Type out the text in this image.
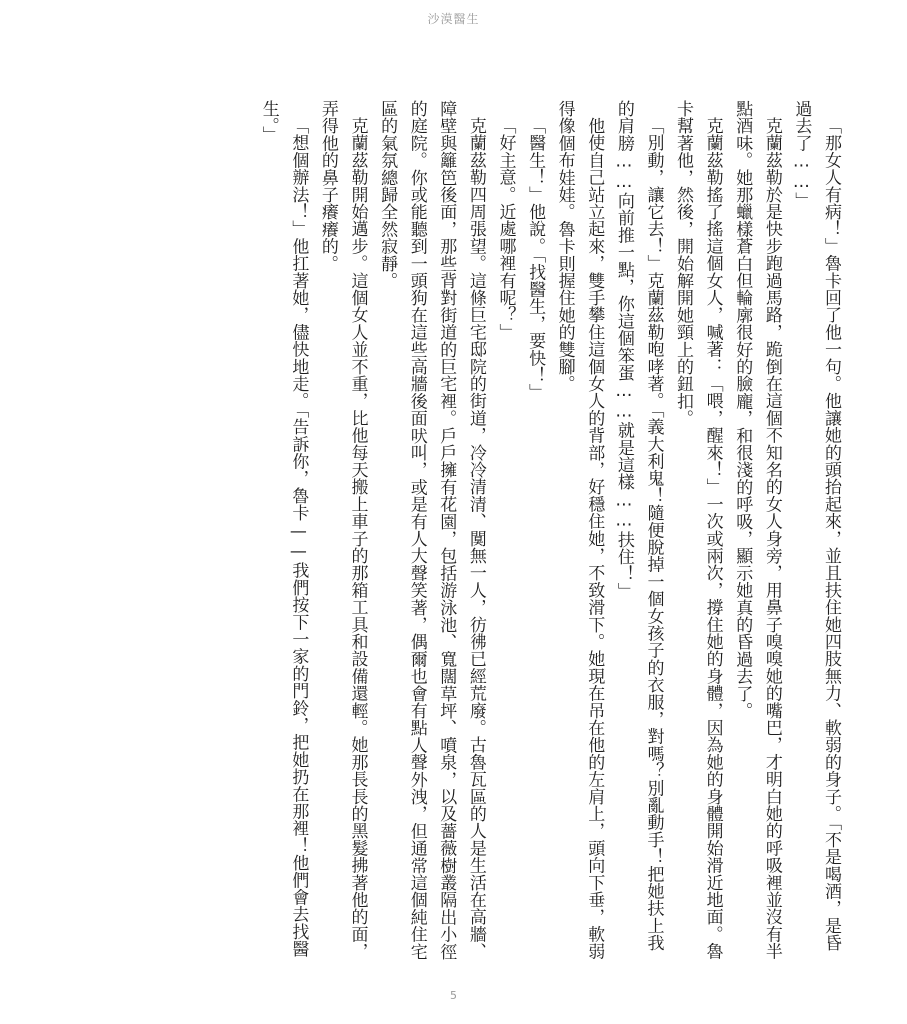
沙漠醫生

「那女人有病！」魯卡回了他一句。他讓她的頭抬起來，並且扶住她四肢無力、軟弱的身子。「不是喝酒，是昏過去了……」

克蘭茲勒於是快步跑過馬路，跪倒在這個不知名的女人身旁，用鼻子嗅嗅她的嘴巴，才明白她的呼吸裡並沒有半點酒味。她那蠟樣蒼白但輪廓很好的臉龐，和很淺的呼吸，顯示她真的昏過去了。

克蘭茲勒搖了搖這個女人，喊著：「喂，醒來！」一次或兩次，撐住她的身體，因為她的身體開始滑近地面。魯卡幫著他，然後，開始解開她頸上的鈕扣。

「別動，讓它去！」克蘭茲勒咆哮著。「義大利鬼！隨便脫掉一個女孩子的衣服，對嗎？別亂動手！把她扶上我的肩膀……向前推一點，你這個笨蛋……就是這樣……扶住！」

他使自己站立起來，雙手攀住這個女人的背部，好穩住她，不致滑下。她現在吊在他的左肩上，頭向下垂，軟弱得像個布娃娃。魯卡則握住她的雙腳。

「醫生！」他說。「找醫生，要快！」

「好主意。近處哪裡有呢？」

克蘭茲勒四周張望。這條巨宅邸院的街道，冷冷清清、闃無一人，彷彿已經荒廢。古魯瓦區的人是生活在高牆、障壁與籬笆後面，那些背對街道的巨宅裡。戶戶擁有花園，包括游泳池、寬闊草坪、噴泉，以及薔薇樹叢隔出小徑的庭院。你或能聽到一頭狗在這些高牆後面吠叫，或是有人大聲笑著，偶爾也會有點人聲外洩，但通常這個純住宅區的氣氛總歸全然寂靜。

克蘭茲勒開始邁步。這個女人並不重，比他每天搬上車子的那箱工具和設備還輕。她那長長的黑髮拂著他的面，弄得他的鼻子癢癢的。

「想個辦法！」他扛著她，儘快地走。「告訴你，魯卡——我們按下一家的門鈴，把她扔在那裡！他們會去找醫生。」

5
